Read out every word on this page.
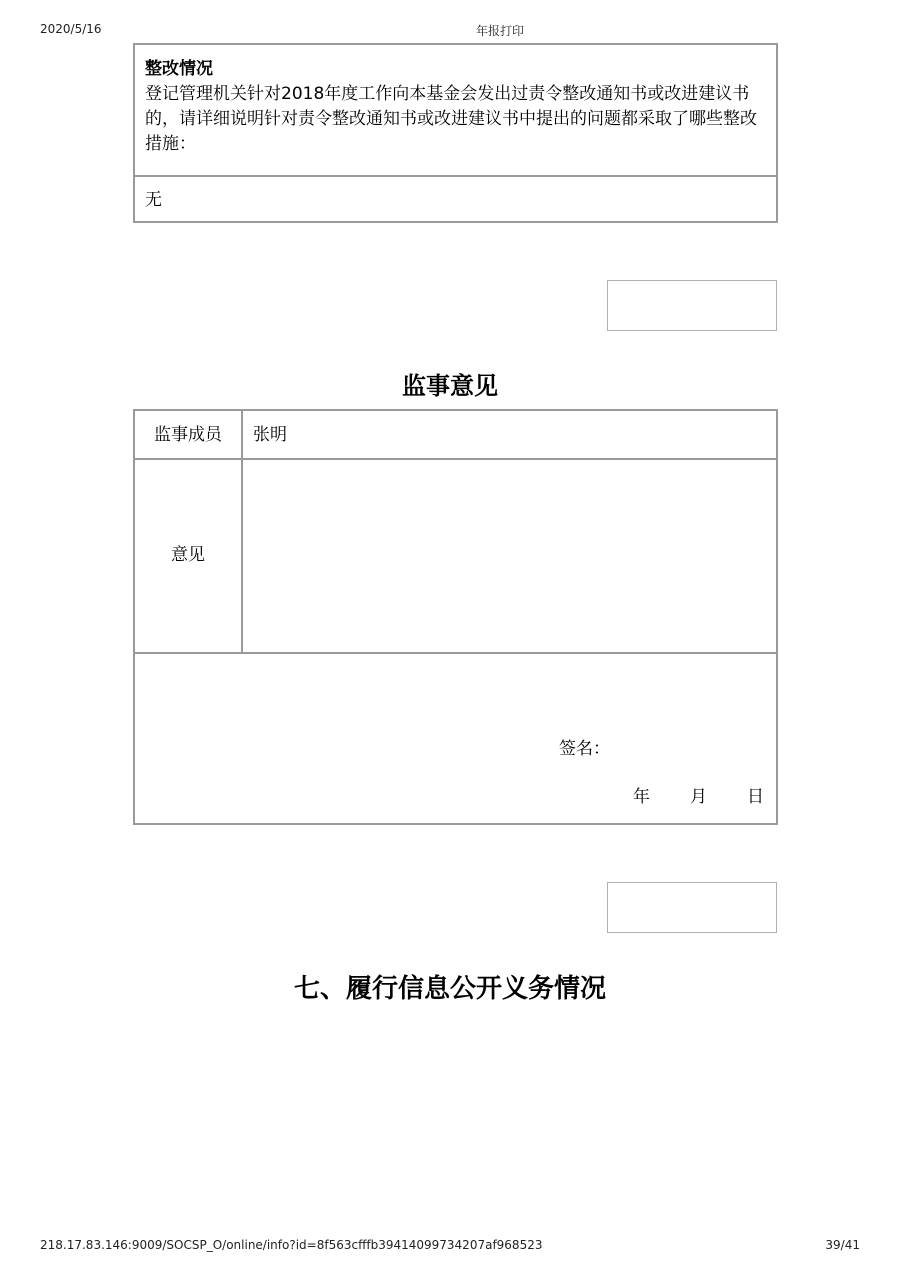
2020/5/16	年报打印
整改情况
登记管理机关针对2018年度工作向本基金会发出过责令整改通知书或改进建议书
的，请详细说明针对责令整改通知书或改进建议书中提出的问题都采取了哪些整改
措施：
无
监事意见
监事成员	张明
意见
签名：
年 月 日
七、履行信息公开义务情况
218.17.83.146:9009/SOCSP_O/online/info?id=8f563cfffb39414099734207af968523	39/41
